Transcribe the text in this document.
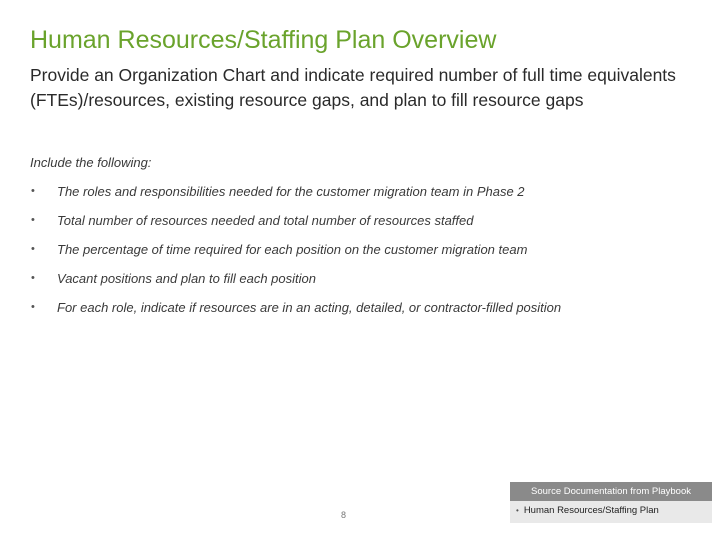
Human Resources/Staffing Plan Overview
Provide an Organization Chart and indicate required number of full time equivalents (FTEs)/resources, existing resource gaps, and plan to fill resource gaps
Include the following:
• The roles and responsibilities needed for the customer migration team in Phase 2
• Total number of resources needed and total number of resources staffed
• The percentage of time required for each position on the customer migration team
• Vacant positions and plan to fill each position
• For each role, indicate if resources are in an acting, detailed, or contractor-filled position
8
Source Documentation from Playbook
• Human Resources/Staffing Plan
